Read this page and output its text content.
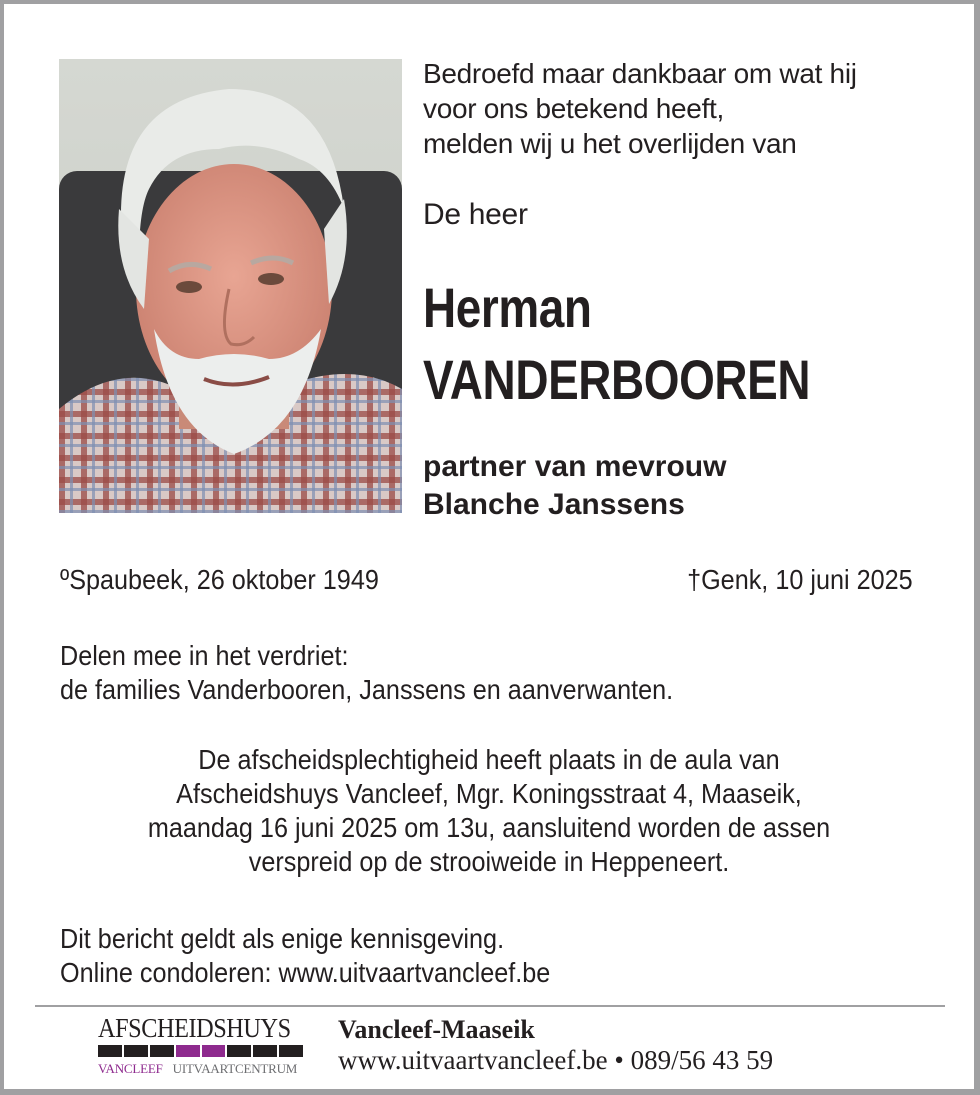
Bedroefd maar dankbaar om wat hij
voor ons betekend heeft,
melden wij u het overlijden van
De heer
Herman
VANDERBOOREN
partner van mevrouw
Blanche Janssens
ºSpaubeek, 26 oktober 1949	†Genk, 10 juni 2025
Delen mee in het verdriet:
de families Vanderbooren, Janssens en aanverwanten.
De afscheidsplechtigheid heeft plaats in de aula van
Afscheidshuys Vancleef, Mgr. Koningsstraat 4, Maaseik,
maandag 16 juni 2025 om 13u, aansluitend worden de assen
verspreid op de strooiweide in Heppeneert.
Dit bericht geldt als enige kennisgeving.
Online condoleren: www.uitvaartvancleef.be
AFSCHEIDSHUYS
VANCLEEF UITVAARTCENTRUM
Vancleef-Maaseik
www.uitvaartvancleef.be • 089/56 43 59
